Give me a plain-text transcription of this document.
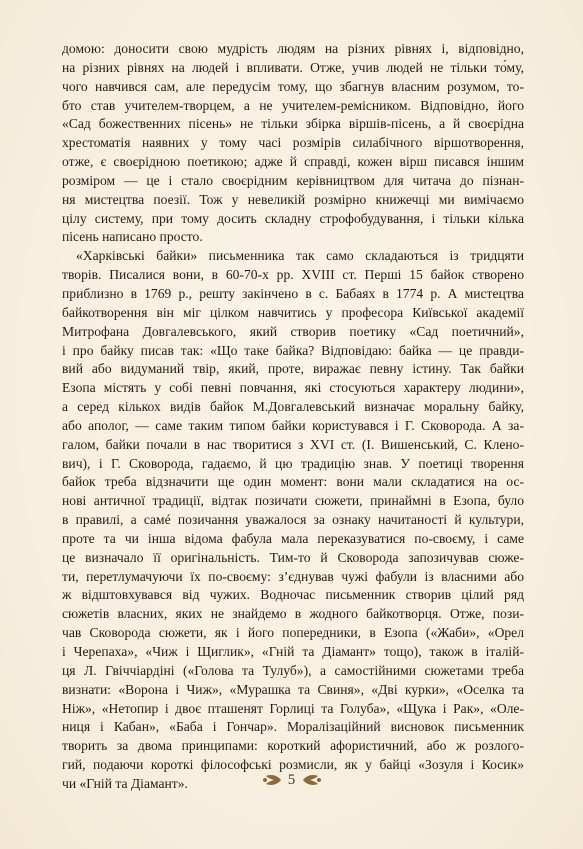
домою: доносити свою мудрість людям на різних рівнях і, відповідно,
на різних рівнях на людей і впливати. Отже, учив людей не тільки то́му,
чого навчився сам, але передусім тому, що збагнув власним розумом, то-
бто став учителем-творцем, а не учителем-ремісником. Відповідно, його
«Сад божественних пісень» не тільки збірка віршів-пісень, а й своєрідна
хрестоматія наявних у тому часі розмірів силабічного віршотворення,
отже, є своєрідною поетикою; адже й справді, кожен вірш писався іншим
розміром — це і стало своєрідним керівництвом для читача до пізнан-
ня мистецтва поезії. Тож у невеликій розмірно книжечці ми вимічаємо
цілу систему, при тому досить складну строфобудування, і тільки кілька
пісень написано просто.
«Харківські байки» письменника так само складаються із тридцяти
творів. Писалися вони, в 60-70-х рр. XVIII ст. Перші 15 байок створено
приблизно в 1769 р., решту закінчено в с. Бабаях в 1774 р. А мистецтва
байкотворення він міг цілком навчитись у професора Київської академії
Митрофана Довгалевського, який створив поетику «Сад поетичний»,
і про байку писав так: «Що таке байка? Відповідаю: байка — це правди-
вий або видуманий твір, який, проте, виражає певну істину. Так байки
Езопа містять у собі певні повчання, які стосуються характеру людини»,
а серед кількох видів байок М.Довгалевський визначає моральну байку,
або аполог, — саме таким типом байки користувався і Г. Сковорода. А за-
галом, байки почали в нас творитися з XVI ст. (І. Вишенський, С. Кленo-
вич), і Г. Сковорода, гадаємо, й цю традицію знав. У поетиці творення
байок треба відзначити ще один момент: вони мали складатися на ос-
нові античної традиції, відтак позичати сюжети, принаймні в Езопа, було
в правилі, а самé позичання уважалося за ознаку начитаності й культури,
проте та чи інша відома фабула мала переказуватися по-своєму, і саме
це визначало її оригінальність. Тим-то й Сковорода запозичував сюже-
ти, перетлумачуючи їх по-своєму: з’єднував чужі фабули із власними або
ж відштовхувався від чужих. Водночас письменник створив цілий ряд
сюжетів власних, яких не знайдемо в жодного байкотворця. Отже, пози-
чав Сковорода сюжети, як і його попередники, в Езопа («Жаби», «Орел
і Черепаха», «Чиж і Щиглик», «Гній та Діамант» тощо), також в італій-
ця Л. Гвіччіардіні («Голова та Тулуб»), а самостійними сюжетами треба
визнати: «Ворона і Чиж», «Мурашка та Свиня», «Дві курки», «Оселка та
Ніж», «Нетопир і двоє пташенят Горлиці та Голуба», «Щука і Рак», «Оле-
ниця і Кабан», «Баба і Гончар». Моралізаційний висновок письменник
творить за двома принципами: короткий афористичний, або ж розлого-
гий, подаючи короткі філософські розмисли, як у байці «Зозуля і Косик»
чи «Гній та Діамант».	5
